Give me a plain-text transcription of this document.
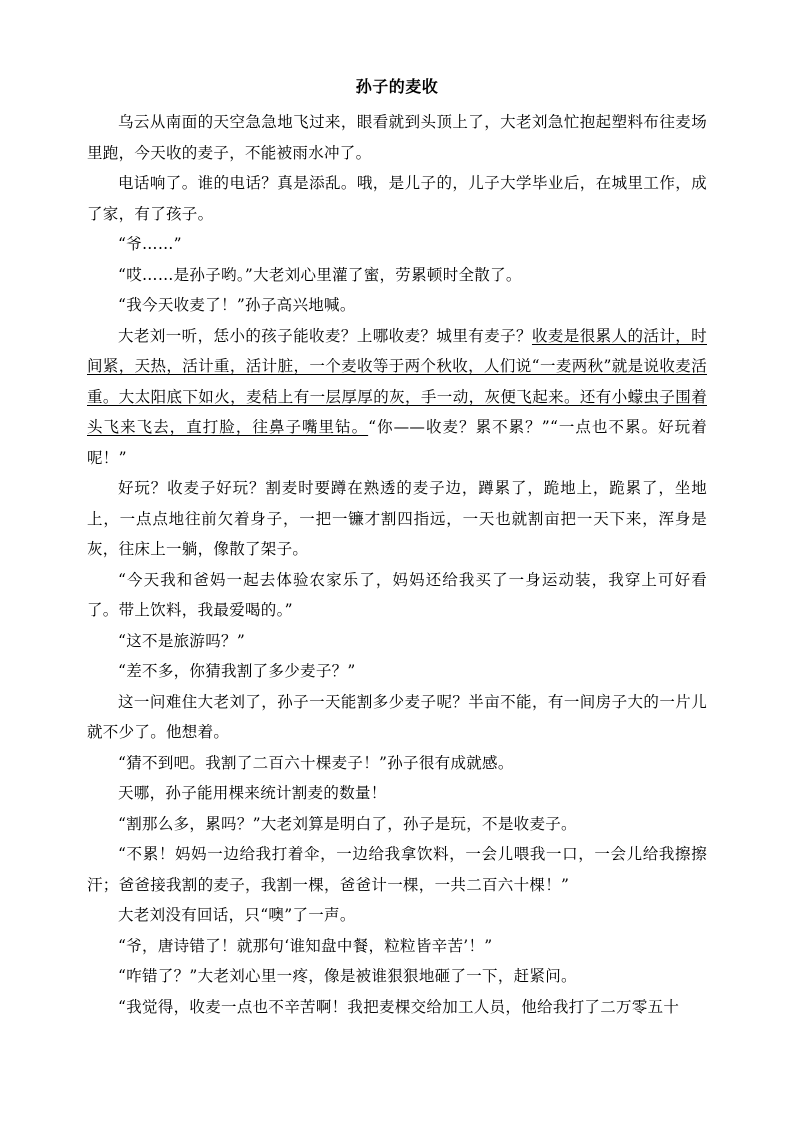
孙子的麦收

乌云从南面的天空急急地飞过来，眼看就到头顶上了，大老刘急忙抱起塑料布往麦场里跑，今天收的麦子，不能被雨水冲了。

电话响了。谁的电话？真是添乱。哦，是儿子的，儿子大学毕业后，在城里工作，成了家，有了孩子。

“爷……”

“哎……是孙子哟。”大老刘心里灌了蜜，劳累顿时全散了。

“我今天收麦了！”孙子高兴地喊。

大老刘一听，恁小的孩子能收麦？上哪收麦？城里有麦子？收麦是很累人的活计，时间紧，天热，活计重，活计脏，一个麦收等于两个秋收，人们说“一麦两秋”就是说收麦活重。大太阳底下如火，麦秸上有一层厚厚的灰，手一动，灰便飞起来。还有小蠓虫子围着头飞来飞去，直打脸，往鼻子嘴里钻。“你——收麦？累不累？”“一点也不累。好玩着呢！”

好玩？收麦子好玩？割麦时要蹲在熟透的麦子边，蹲累了，跪地上，跪累了，坐地上，一点点地往前欠着身子，一把一镰才割四指远，一天也就割亩把一天下来，浑身是灰，往床上一躺，像散了架子。

“今天我和爸妈一起去体验农家乐了，妈妈还给我买了一身运动装，我穿上可好看了。带上饮料，我最爱喝的。”

“这不是旅游吗？”

“差不多，你猜我割了多少麦子？”

这一问难住大老刘了，孙子一天能割多少麦子呢？半亩不能，有一间房子大的一片儿就不少了。他想着。

“猜不到吧。我割了二百六十棵麦子！”孙子很有成就感。

天哪，孙子能用棵来统计割麦的数量！

“割那么多，累吗？”大老刘算是明白了，孙子是玩，不是收麦子。

“不累！妈妈一边给我打着伞，一边给我拿饮料，一会儿喂我一口，一会儿给我擦擦汗；爸爸接我割的麦子，我割一棵，爸爸计一棵，一共二百六十棵！”

大老刘没有回话，只“噢”了一声。

“爷，唐诗错了！就那句‘谁知盘中餐，粒粒皆辛苦’！”

“咋错了？”大老刘心里一疼，像是被谁狠狠地砸了一下，赶紧问。

“我觉得，收麦一点也不辛苦啊！我把麦棵交给加工人员，他给我打了二万零五十
